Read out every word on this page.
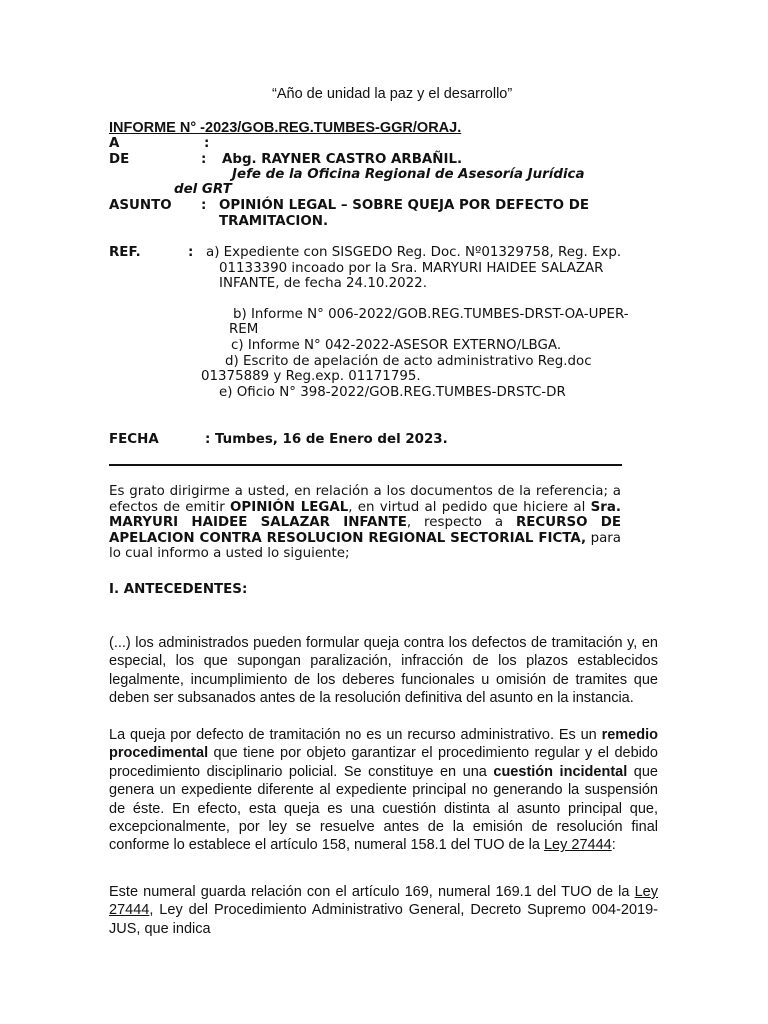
“Año de unidad la paz y el desarrollo”
INFORME N° -2023/GOB.REG.TUMBES-GGR/ORAJ.
A	:
DE	: Abg. RAYNER CASTRO ARBAÑIL.
Jefe de la Oficina Regional de Asesoría Jurídica
del GRT
ASUNTO : OPINIÓN LEGAL – SOBRE QUEJA POR DEFECTO DE
TRAMITACION.
REF.	: a) Expediente con SISGEDO Reg. Doc. Nº01329758, Reg. Exp.
01133390 incoado por la Sra. MARYURI HAIDEE SALAZAR
INFANTE, de fecha 24.10.2022.
b) Informe N° 006-2022/GOB.REG.TUMBES-DRST-OA-UPER-
REM
c) Informe N° 042-2022-ASESOR EXTERNO/LBGA.
d) Escrito de apelación de acto administrativo Reg.doc
01375889 y Reg.exp. 01171795.
e) Oficio N° 398-2022/GOB.REG.TUMBES-DRSTC-DR
FECHA	: Tumbes, 16 de Enero del 2023.
Es grato dirigirme a usted, en relación a los documentos de la referencia; a efectos de emitir OPINIÓN LEGAL, en virtud al pedido que hiciere al Sra. MARYURI HAIDEE SALAZAR INFANTE, respecto a RECURSO DE APELACION CONTRA RESOLUCION REGIONAL SECTORIAL FICTA, para lo cual informo a usted lo siguiente;
I. ANTECEDENTES:
(...) los administrados pueden formular queja contra los defectos de tramitación y, en especial, los que supongan paralización, infracción de los plazos establecidos legalmente, incumplimiento de los deberes funcionales u omisión de tramites que deben ser subsanados antes de la resolución definitiva del asunto en la instancia.
La queja por defecto de tramitación no es un recurso administrativo. Es un remedio procedimental que tiene por objeto garantizar el procedimiento regular y el debido procedimiento disciplinario policial. Se constituye en una cuestión incidental que genera un expediente diferente al expediente principal no generando la suspensión de éste. En efecto, esta queja es una cuestión distinta al asunto principal que, excepcionalmente, por ley se resuelve antes de la emisión de resolución final conforme lo establece el artículo 158, numeral 158.1 del TUO de la Ley 27444:
Este numeral guarda relación con el artículo 169, numeral 169.1 del TUO de la Ley 27444, Ley del Procedimiento Administrativo General, Decreto Supremo 004-2019-JUS, que indica
